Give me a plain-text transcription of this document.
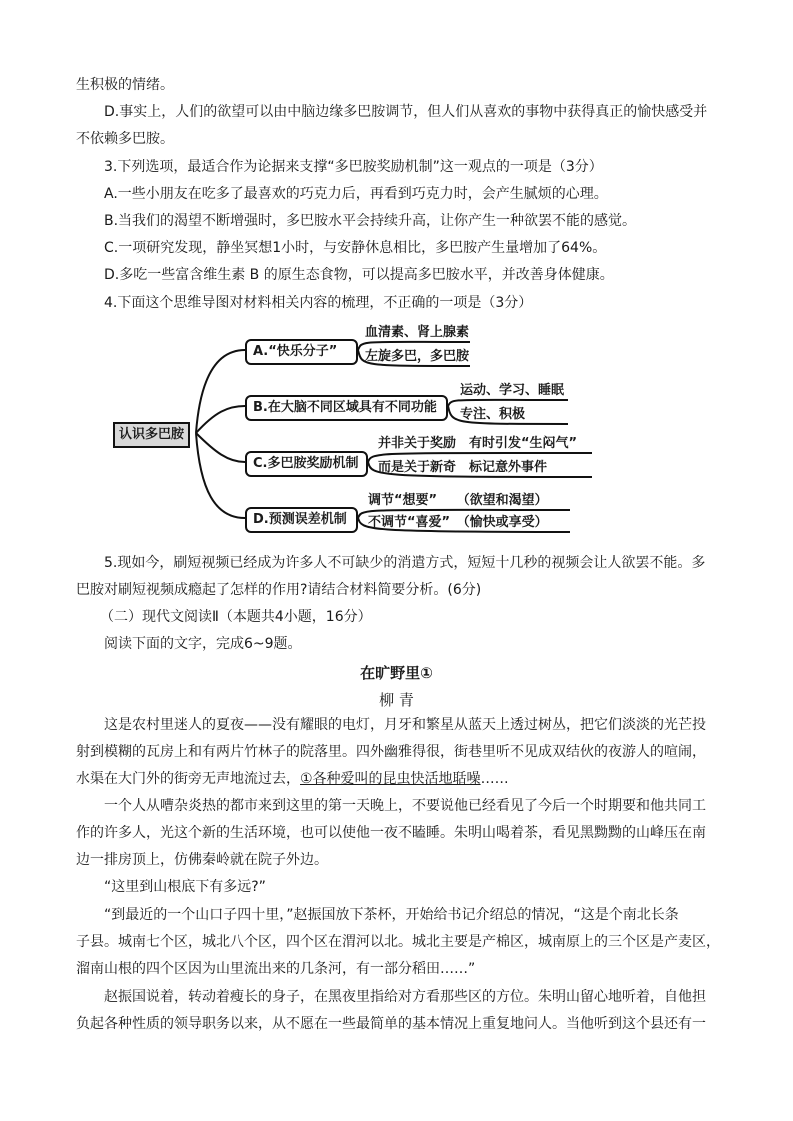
生积极的情绪。
D.事实上，人们的欲望可以由中脑边缘多巴胺调节，但人们从喜欢的事物中获得真正的愉快感受并
不依赖多巴胺。
3.下列选项，最适合作为论据来支撑“多巴胺奖励机制”这一观点的一项是（3分）
A.一些小朋友在吃多了最喜欢的巧克力后，再看到巧克力时，会产生腻烦的心理。
B.当我们的渴望不断增强时，多巴胺水平会持续升高，让你产生一种欲罢不能的感觉。
C.一项研究发现，静坐冥想1小时，与安静休息相比，多巴胺产生量增加了64%。
D.多吃一些富含维生素 B 的原生态食物，可以提高多巴胺水平，并改善身体健康。
4.下面这个思维导图对材料相关内容的梳理，不正确的一项是（3分）
认识多巴胺
A.“快乐分子”
B.在大脑不同区域具有不同功能
C.多巴胺奖励机制
D.预测误差机制
血清素、肾上腺素
左旋多巴，多巴胺
运动、学习、睡眠
专注、积极
并非关于奖励　有时引发“生闷气”
而是关于新奇　标记意外事件
调节“想要”　　（欲望和渴望）
不调节“喜爱”　（愉快或享受）
5.现如今，刷短视频已经成为许多人不可缺少的消遣方式，短短十几秒的视频会让人欲罢不能。多
巴胺对刷短视频成瘾起了怎样的作用?请结合材料简要分析。(6分)
（二）现代文阅读Ⅱ（本题共4小题，16分）
阅读下面的文字，完成6~9题。
在旷野里①
柳 青
这是农村里迷人的夏夜——没有耀眼的电灯，月牙和繁星从蓝天上透过树丛，把它们淡淡的光芒投
射到模糊的瓦房上和有两片竹林子的院落里。四外幽雅得很，街巷里听不见成双结伙的夜游人的喧闹，
水渠在大门外的街旁无声地流过去，①各种爱叫的昆虫快活地聒噪……
一个人从嘈杂炎热的都市来到这里的第一天晚上，不要说他已经看见了今后一个时期要和他共同工
作的许多人，光这个新的生活环境，也可以使他一夜不瞌睡。朱明山喝着茶，看见黑黝黝的山峰压在南
边一排房顶上，仿佛秦岭就在院子外边。
“这里到山根底下有多远?”
“到最近的一个山口子四十里，”赵振国放下茶杯，开始给书记介绍总的情况，“这是个南北长条
子县。城南七个区，城北八个区，四个区在渭河以北。城北主要是产棉区，城南原上的三个区是产麦区，
溜南山根的四个区因为山里流出来的几条河，有一部分稻田……”
赵振国说着，转动着瘦长的身子，在黑夜里指给对方看那些区的方位。朱明山留心地听着，自他担
负起各种性质的领导职务以来，从不愿在一些最简单的基本情况上重复地问人。当他听到这个县还有一
